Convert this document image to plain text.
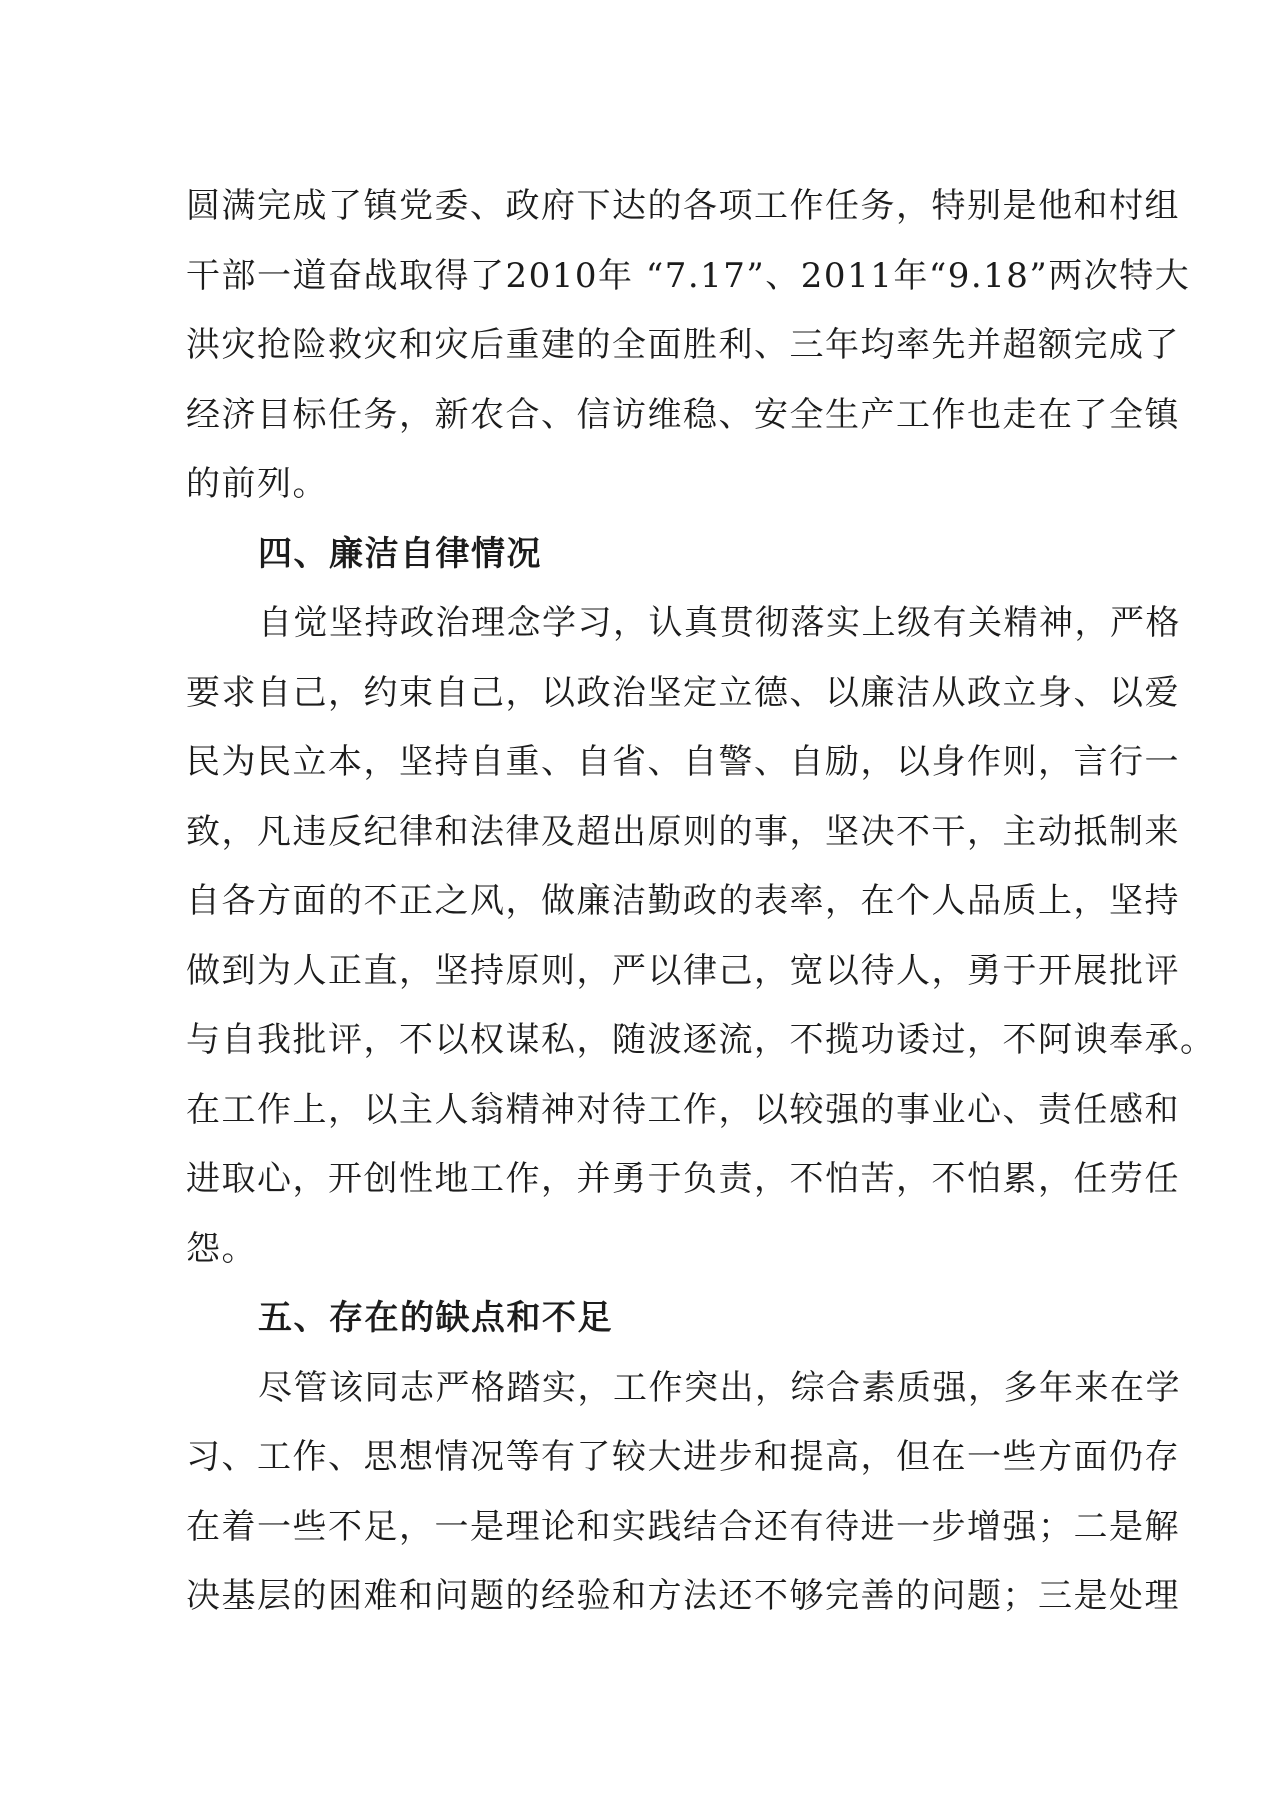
圆满完成了镇党委、政府下达的各项工作任务，特别是他和村组
干部一道奋战取得了2010年 “7.17”、2011年“9.18”两次特大
洪灾抢险救灾和灾后重建的全面胜利、三年均率先并超额完成了
经济目标任务，新农合、信访维稳、安全生产工作也走在了全镇
的前列。
四、廉洁自律情况
自觉坚持政治理念学习，认真贯彻落实上级有关精神，严格
要求自己，约束自己，以政治坚定立德、以廉洁从政立身、以爱
民为民立本，坚持自重、自省、自警、自励，以身作则，言行一
致，凡违反纪律和法律及超出原则的事，坚决不干，主动抵制来
自各方面的不正之风，做廉洁勤政的表率，在个人品质上，坚持
做到为人正直，坚持原则，严以律己，宽以待人，勇于开展批评
与自我批评，不以权谋私，随波逐流，不揽功诿过，不阿谀奉承。
在工作上，以主人翁精神对待工作，以较强的事业心、责任感和
进取心，开创性地工作，并勇于负责，不怕苦，不怕累，任劳任
怨。
五、存在的缺点和不足
尽管该同志严格踏实，工作突出，综合素质强，多年来在学
习、工作、思想情况等有了较大进步和提高，但在一些方面仍存
在着一些不足，一是理论和实践结合还有待进一步增强；二是解
决基层的困难和问题的经验和方法还不够完善的问题；三是处理
